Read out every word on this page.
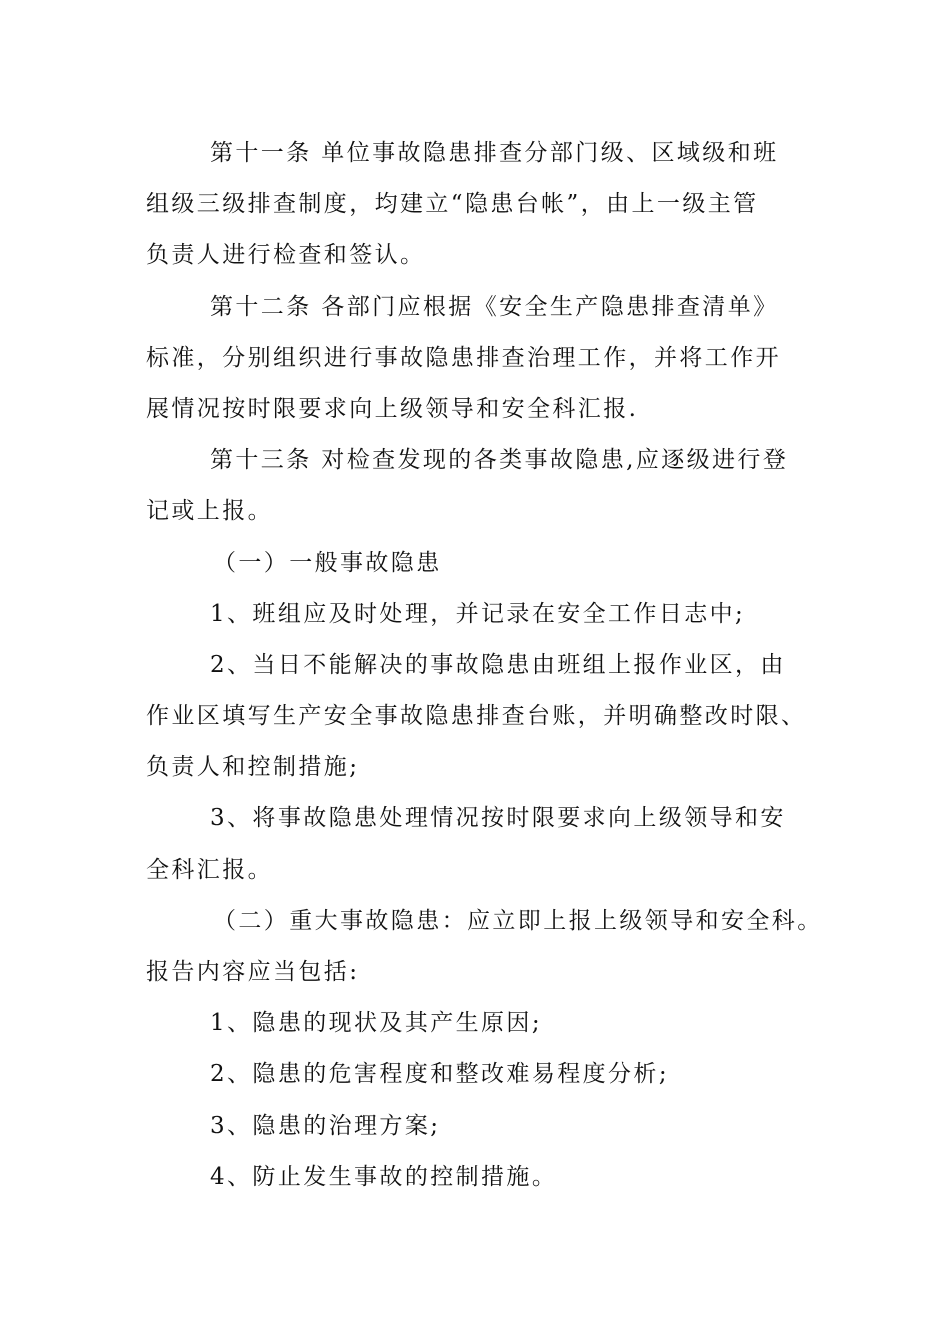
第十一条 单位事故隐患排查分部门级、区域级和班
组级三级排查制度，均建立“隐患台帐”，由上一级主管
负责人进行检查和签认。
第十二条 各部门应根据《安全生产隐患排查清单》
标准，分别组织进行事故隐患排查治理工作，并将工作开
展情况按时限要求向上级领导和安全科汇报.
第十三条 对检查发现的各类事故隐患,应逐级进行登
记或上报。
（一）一般事故隐患
1、班组应及时处理，并记录在安全工作日志中;
2、当日不能解决的事故隐患由班组上报作业区，由
作业区填写生产安全事故隐患排查台账，并明确整改时限、
负责人和控制措施;
3、将事故隐患处理情况按时限要求向上级领导和安
全科汇报。
（二）重大事故隐患：应立即上报上级领导和安全科。
报告内容应当包括:
1、隐患的现状及其产生原因;
2、隐患的危害程度和整改难易程度分析;
3、隐患的治理方案;
4、防止发生事故的控制措施。
